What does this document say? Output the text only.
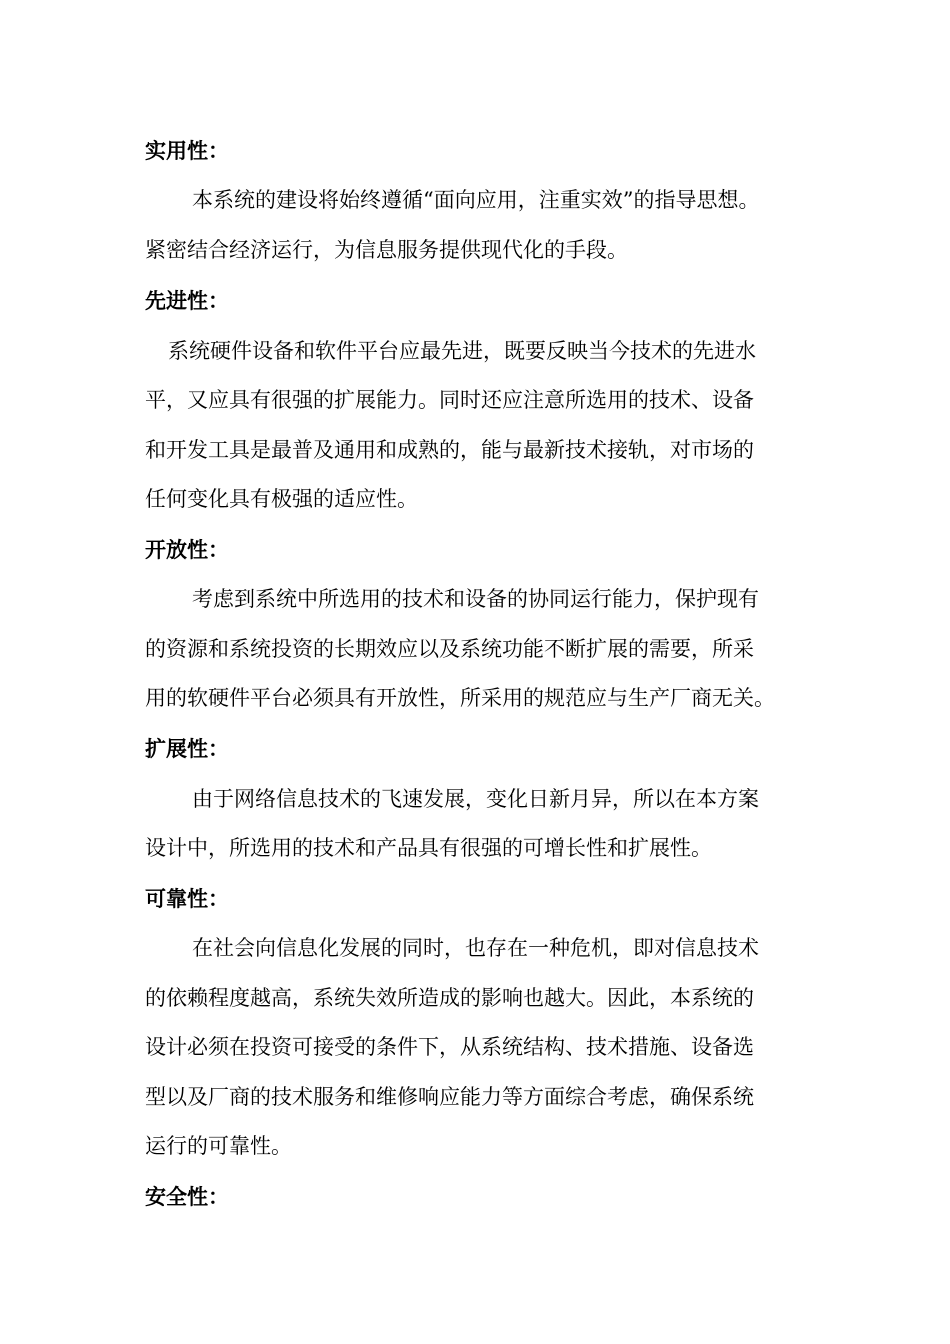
实用性：
本系统的建设将始终遵循“面向应用，注重实效”的指导思想。
紧密结合经济运行，为信息服务提供现代化的手段。
先进性：
系统硬件设备和软件平台应最先进，既要反映当今技术的先进水
平，又应具有很强的扩展能力。同时还应注意所选用的技术、设备
和开发工具是最普及通用和成熟的，能与最新技术接轨，对市场的
任何变化具有极强的适应性。
开放性：
考虑到系统中所选用的技术和设备的协同运行能力，保护现有
的资源和系统投资的长期效应以及系统功能不断扩展的需要，所采
用的软硬件平台必须具有开放性，所采用的规范应与生产厂商无关。
扩展性：
由于网络信息技术的飞速发展，变化日新月异，所以在本方案
设计中，所选用的技术和产品具有很强的可增长性和扩展性。
可靠性：
在社会向信息化发展的同时，也存在一种危机，即对信息技术
的依赖程度越高，系统失效所造成的影响也越大。因此，本系统的
设计必须在投资可接受的条件下，从系统结构、技术措施、设备选
型以及厂商的技术服务和维修响应能力等方面综合考虑，确保系统
运行的可靠性。
安全性：
